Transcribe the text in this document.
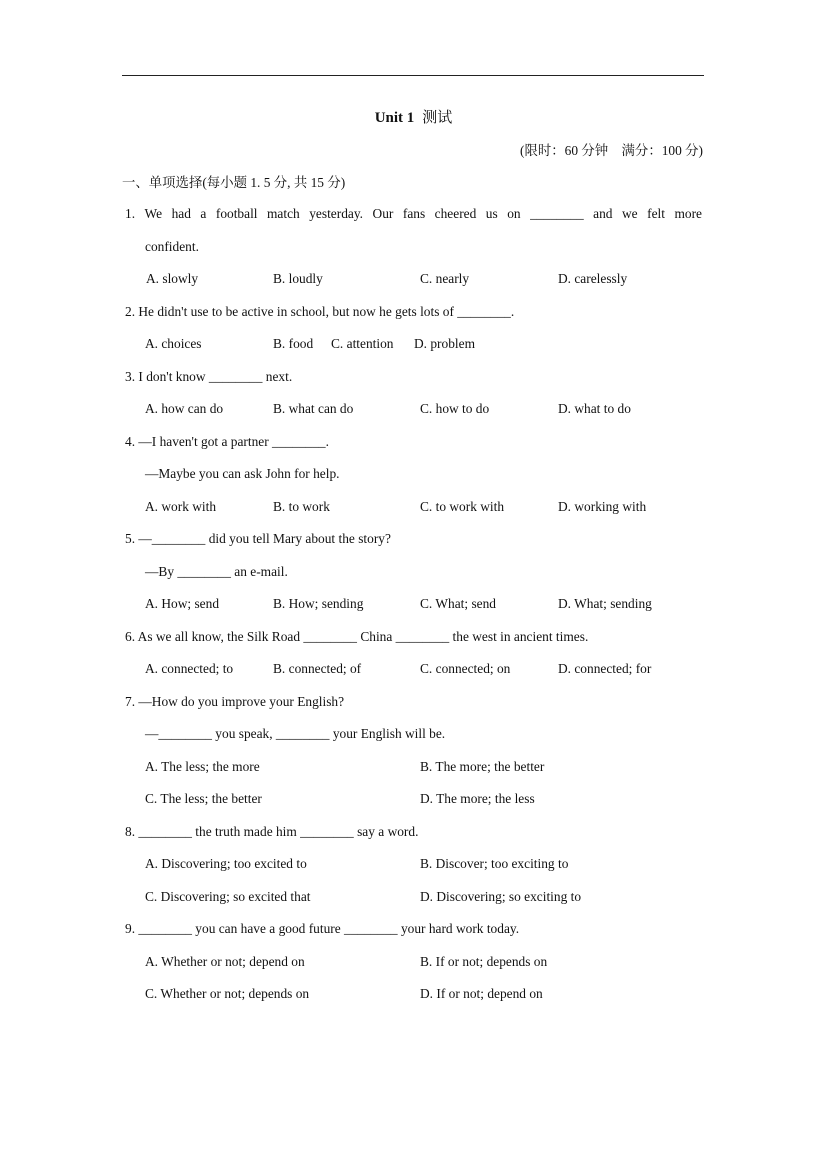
Unit 1 测试
(限时：60 分钟　满分：100 分)
一、单项选择(每小题 1. 5 分, 共 15 分)
1. We had a football match yesterday. Our fans cheered us on ________ and we felt more
confident.
A. slowly	B. loudly	C. nearly	D. carelessly
2. He didn't use to be active in school, but now he gets lots of ________.
A. choices	B. food C. attention D. problem
3. I don't know ________ next.
A. how can do	B. what can do	C. how to do	D. what to do
4. —I haven't got a partner ________.
—Maybe you can ask John for help.
A. work with	B. to work	C. to work with	D. working with
5. —________ did you tell Mary about the story?
—By ________ an e-mail.
A. How; send	B. How; sending	C. What; send	D. What; sending
6. As we all know, the Silk Road ________ China ________ the west in ancient times.
A. connected; to	B. connected; of	C. connected; on	D. connected; for
7. —How do you improve your English?
—________ you speak, ________ your English will be.
A. The less; the more	B. The more; the better
C. The less; the better	D. The more; the less
8. ________ the truth made him ________ say a word.
A. Discovering; too excited to	B. Discover; too exciting to
C. Discovering; so excited that	D. Discovering; so exciting to
9. ________ you can have a good future ________ your hard work today.
A. Whether or not; depend on	B. If or not; depends on
C. Whether or not; depends on	D. If or not; depend on
